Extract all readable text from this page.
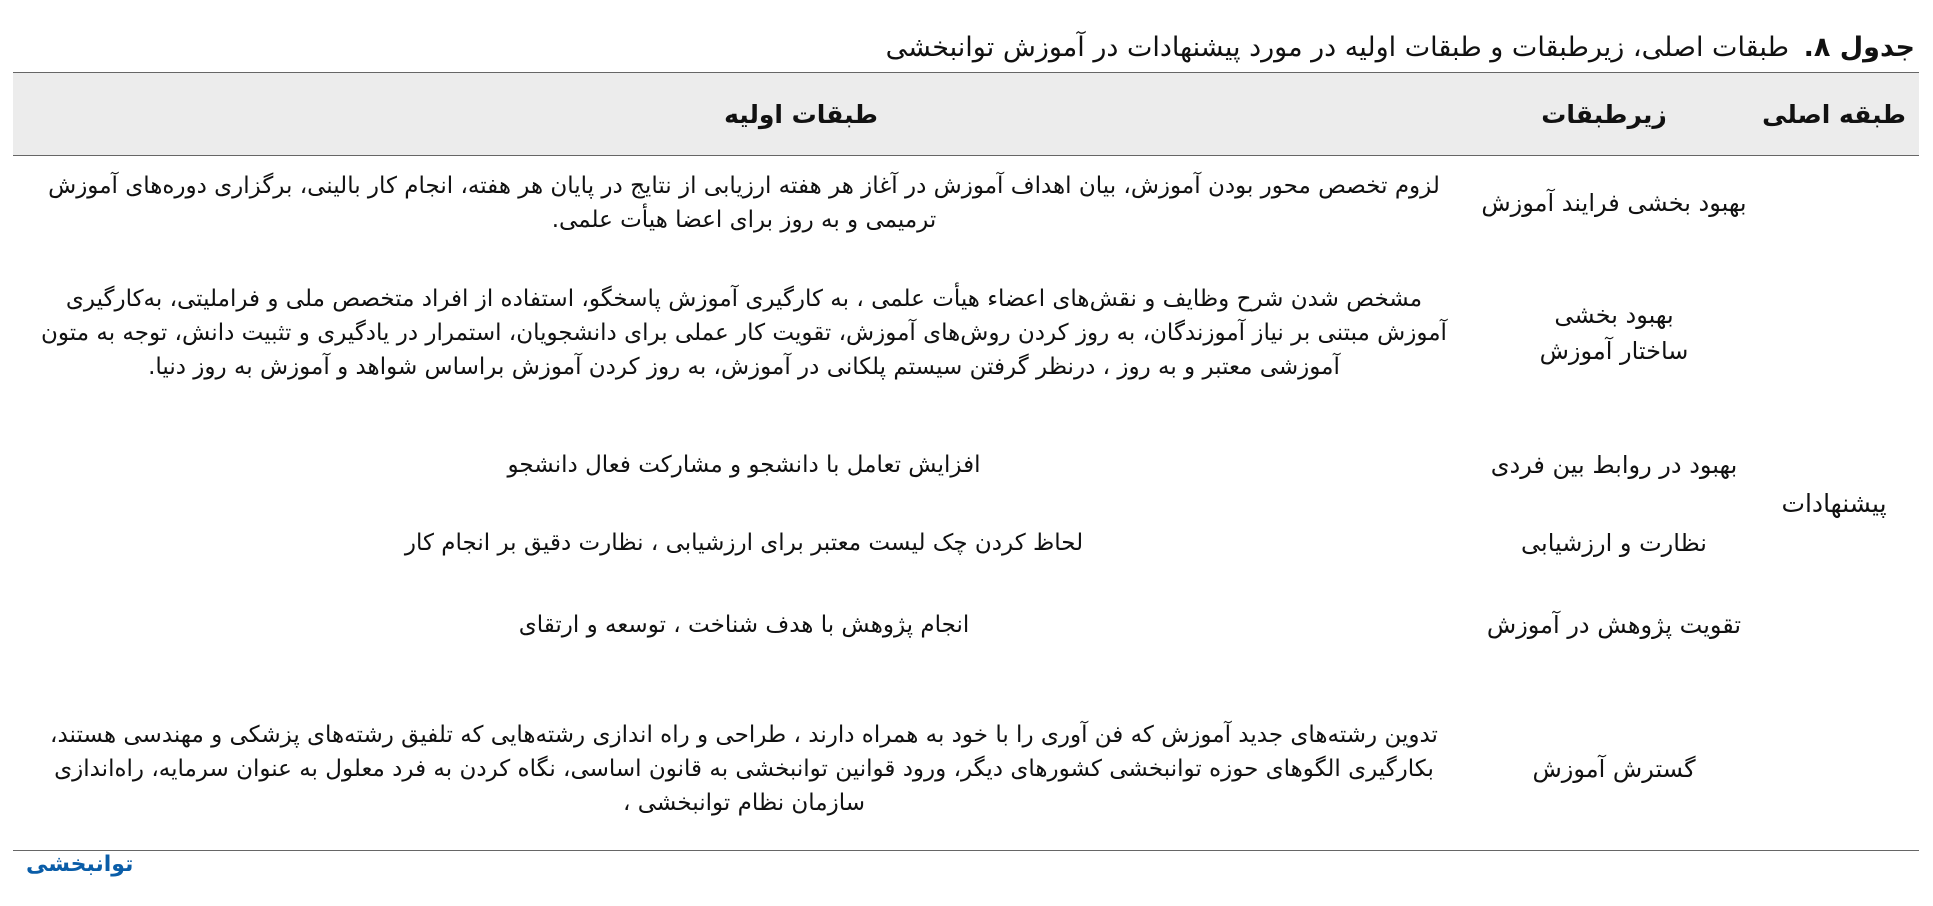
جدول ۸. طبقات اصلی، زیرطبقات و طبقات اولیه در مورد پیشنهادات در آموزش توانبخشی
طبقه اصلی
زیرطبقات
طبقات اولیه
پیشنهادات
بهبود بخشی فرایند آموزش
لزوم تخصص محور بودن آموزش، بیان اهداف آموزش در آغاز هر هفته ارزیابی از نتایج در پایان هر هفته، انجام کار بالینی، برگزاری دوره‌های آموزش ترمیمی و به روز برای اعضا هیأت علمی.
بهبود بخشی ساختار آموزش
مشخص شدن شرح وظایف و نقش‌های اعضاء هیأت علمی ، به کارگیری آموزش پاسخگو، استفاده از افراد متخصص ملی و فراملیتی، به‌کارگیری آموزش مبتنی بر نیاز آموزندگان، به روز کردن روش‌های آموزش، تقویت کار عملی برای دانشجویان، استمرار در یادگیری و تثبیت دانش، توجه به متون آموزشی معتبر و به روز ، درنظر گرفتن سیستم پلکانی در آموزش، به روز کردن آموزش براساس شواهد و آموزش به روز دنیا.
بهبود در روابط بین فردی
افزایش تعامل با دانشجو و مشارکت فعال دانشجو
نظارت و ارزشیابی
لحاظ کردن چک لیست معتبر برای ارزشیابی ، نظارت دقیق بر انجام کار
تقویت پژوهش در آموزش
انجام پژوهش با هدف شناخت ، توسعه و ارتقای
گسترش آموزش
تدوین رشته‌های جدید آموزش که فن آوری را با خود به همراه دارند ، طراحی و راه اندازی رشته‌هایی که تلفیق رشته‌های پزشکی و مهندسی هستند، بکارگیری الگوهای حوزه توانبخشی کشورهای دیگر، ورود قوانین توانبخشی به قانون اساسی، نگاه کردن به فرد معلول به عنوان سرمایه، راه‌اندازی سازمان نظام توانبخشی ،
توانبخشی
